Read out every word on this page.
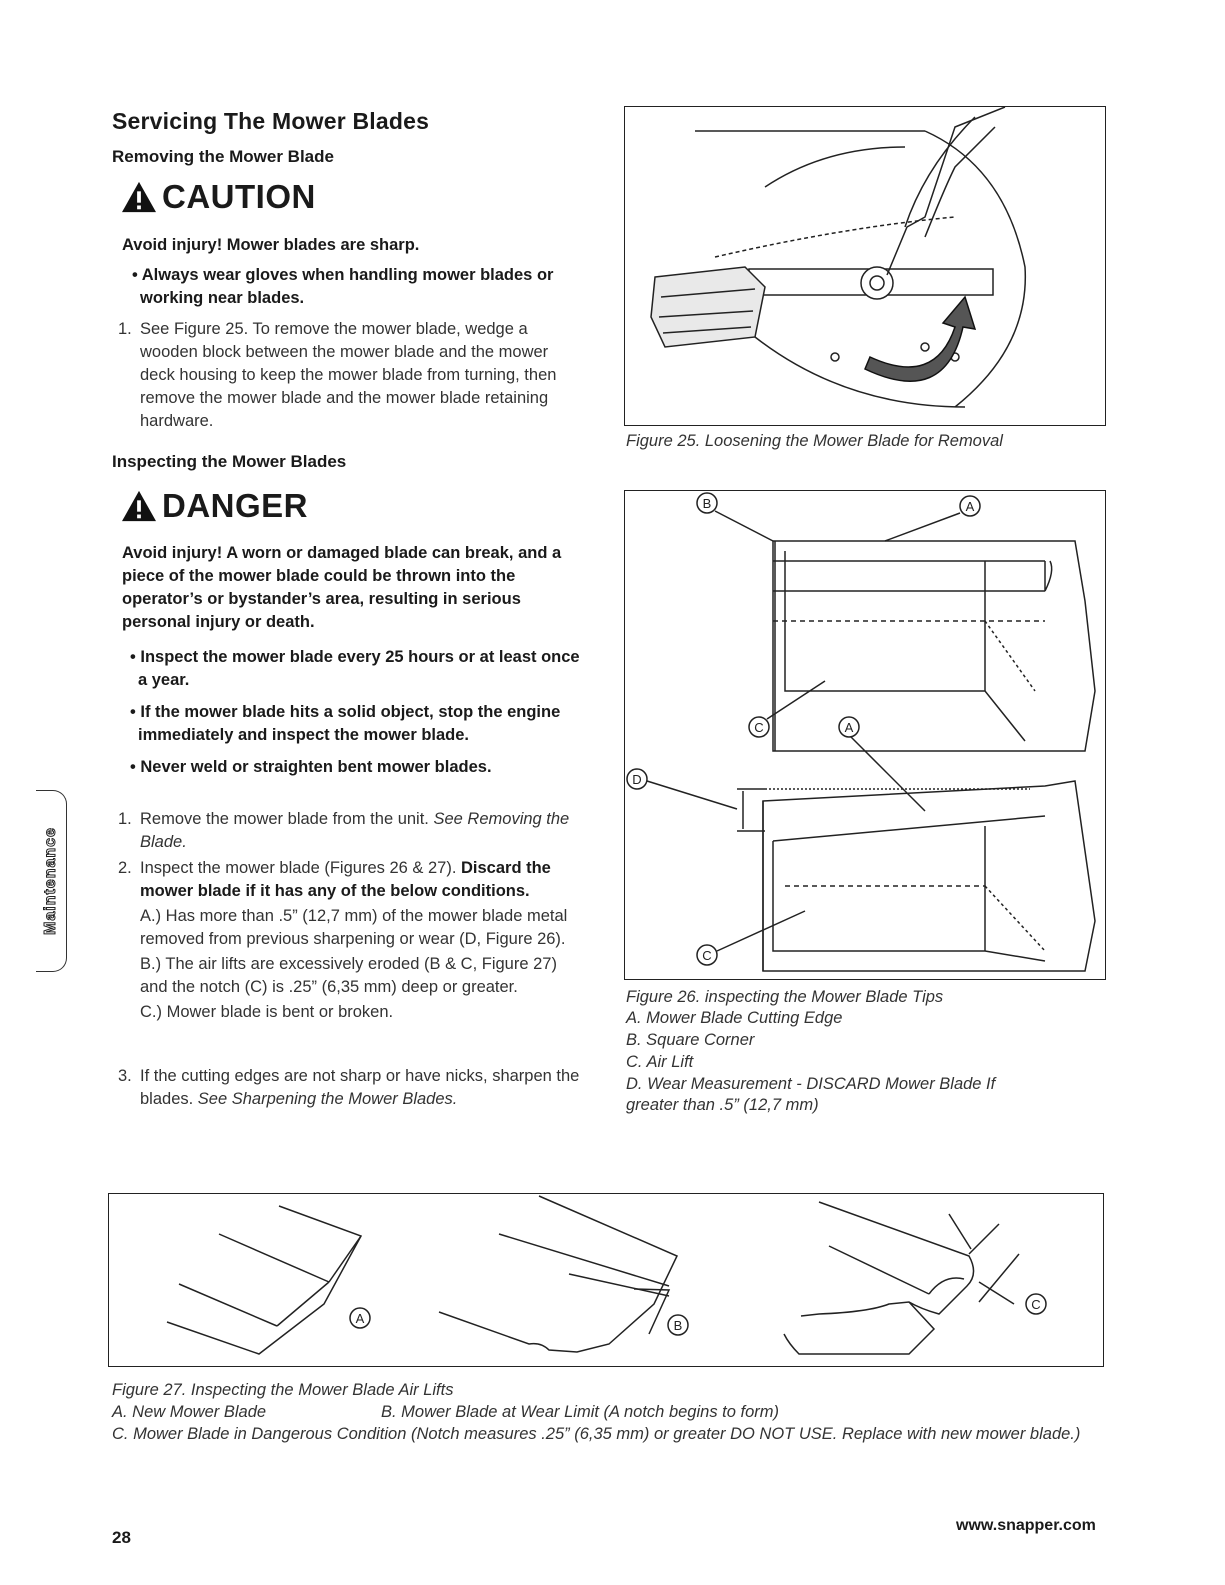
Servicing The Mower Blades
Removing the Mower Blade
CAUTION

Avoid injury! Mower blades are sharp.

• Always wear gloves when handling mower blades or working near blades.

1. See Figure 25. To remove the mower blade, wedge a wooden block between the mower blade and the mower deck housing to keep the mower blade from turning, then remove the mower blade and the mower blade retaining hardware.

Inspecting the Mower Blades
DANGER

Avoid injury! A worn or damaged blade can break, and a piece of the mower blade could be thrown into the operator’s or bystander’s area, resulting in serious personal injury or death.

• Inspect the mower blade every 25 hours or at least once a year.

• If the mower blade hits a solid object, stop the engine immediately and inspect the mower blade.

• Never weld or straighten bent mower blades.

1. Remove the mower blade from the unit. See Removing the Blade.

2. Inspect the mower blade (Figures 26 & 27). Discard the mower blade if it has any of the below conditions.

A.) Has more than .5” (12,7 mm) of the mower blade metal removed from previous sharpening or wear (D, Figure 26).

B.) The air lifts are excessively eroded (B & C, Figure 27) and the notch (C) is .25” (6,35 mm) deep or greater.

C.) Mower blade is bent or broken.

3. If the cutting edges are not sharp or have nicks, sharpen the blades. See Sharpening the Mower Blades.

Maintenance

Figure 25. Loosening the Mower Blade for Removal

B	A
C	A
D
C

Figure 26. inspecting the Mower Blade Tips

A. Mower Blade Cutting Edge

B. Square Corner

C. Air Lift

D. Wear Measurement - DISCARD Mower Blade If greater than .5” (12,7 mm)

A	B
C

Figure 27. Inspecting the Mower Blade Air Lifts

A. New Mower Blade	B. Mower Blade at Wear Limit (A notch begins to form)

C. Mower Blade in Dangerous Condition (Notch measures .25” (6,35 mm) or greater DO NOT USE. Replace with new mower blade.)

28
www.snapper.com
